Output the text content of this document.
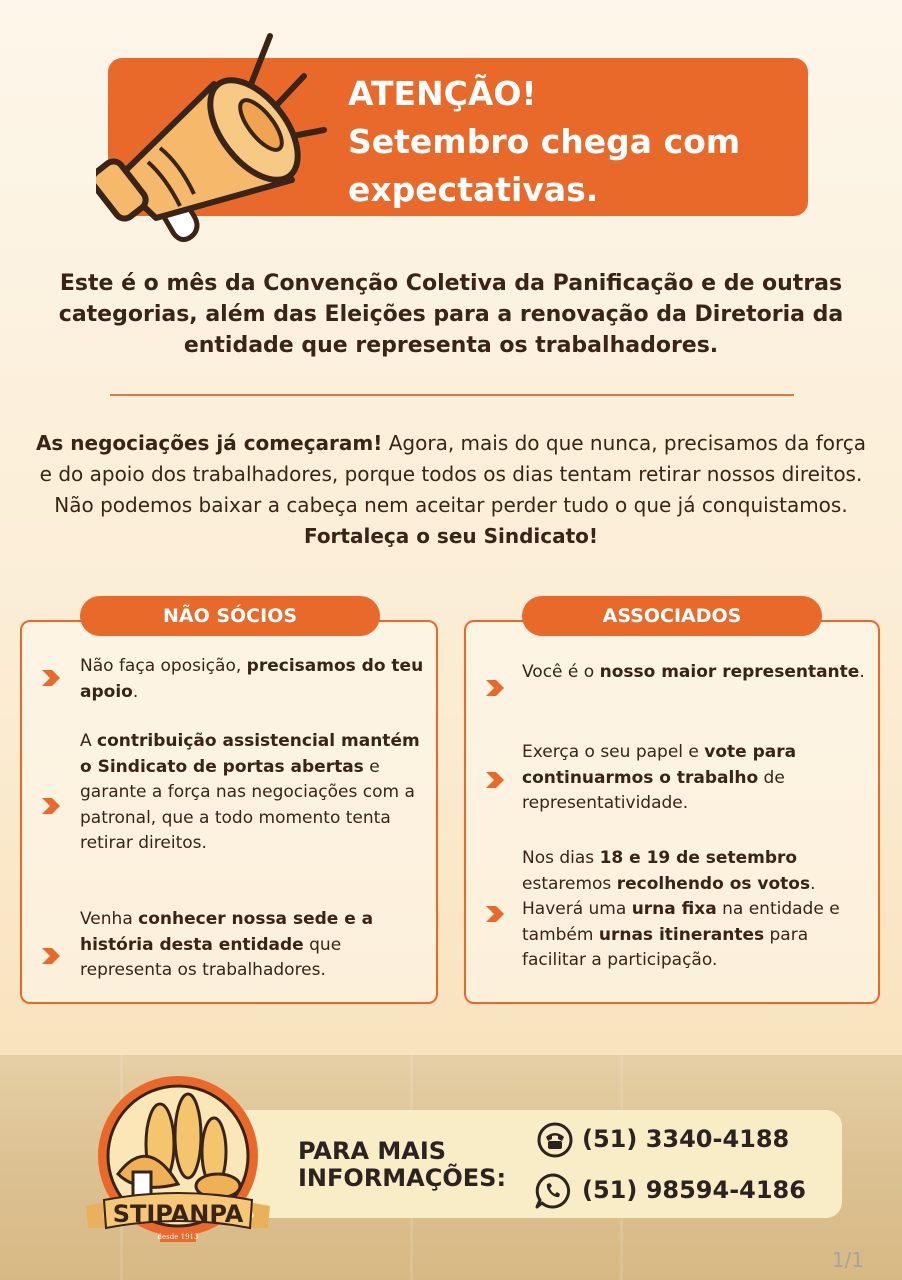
ATENÇÃO!
Setembro chega com
expectativas.
Este é o mês da Convenção Coletiva da Panificação e de outras categorias, além das Eleições para a renovação da Diretoria da entidade que representa os trabalhadores.
As negociações já começaram! Agora, mais do que nunca, precisamos da força e do apoio dos trabalhadores, porque todos os dias tentam retirar nossos direitos. Não podemos baixar a cabeça nem aceitar perder tudo o que já conquistamos. Fortaleça o seu Sindicato!
NÃO SÓCIOS
Não faça oposição, precisamos do teu apoio.
A contribuição assistencial mantém o Sindicato de portas abertas e garante a força nas negociações com a patronal, que a todo momento tenta retirar direitos.
Venha conhecer nossa sede e a história desta entidade que representa os trabalhadores.
ASSOCIADOS
Você é o nosso maior representante.
Exerça o seu papel e vote para continuarmos o trabalho de representatividade.
Nos dias 18 e 19 de setembro estaremos recolhendo os votos. Haverá uma urna fixa na entidade e também urnas itinerantes para facilitar a participação.
STIPANPA
desde 1913
PARA MAIS INFORMAÇÕES:
(51) 3340-4188
(51) 98594-4186
1/1
